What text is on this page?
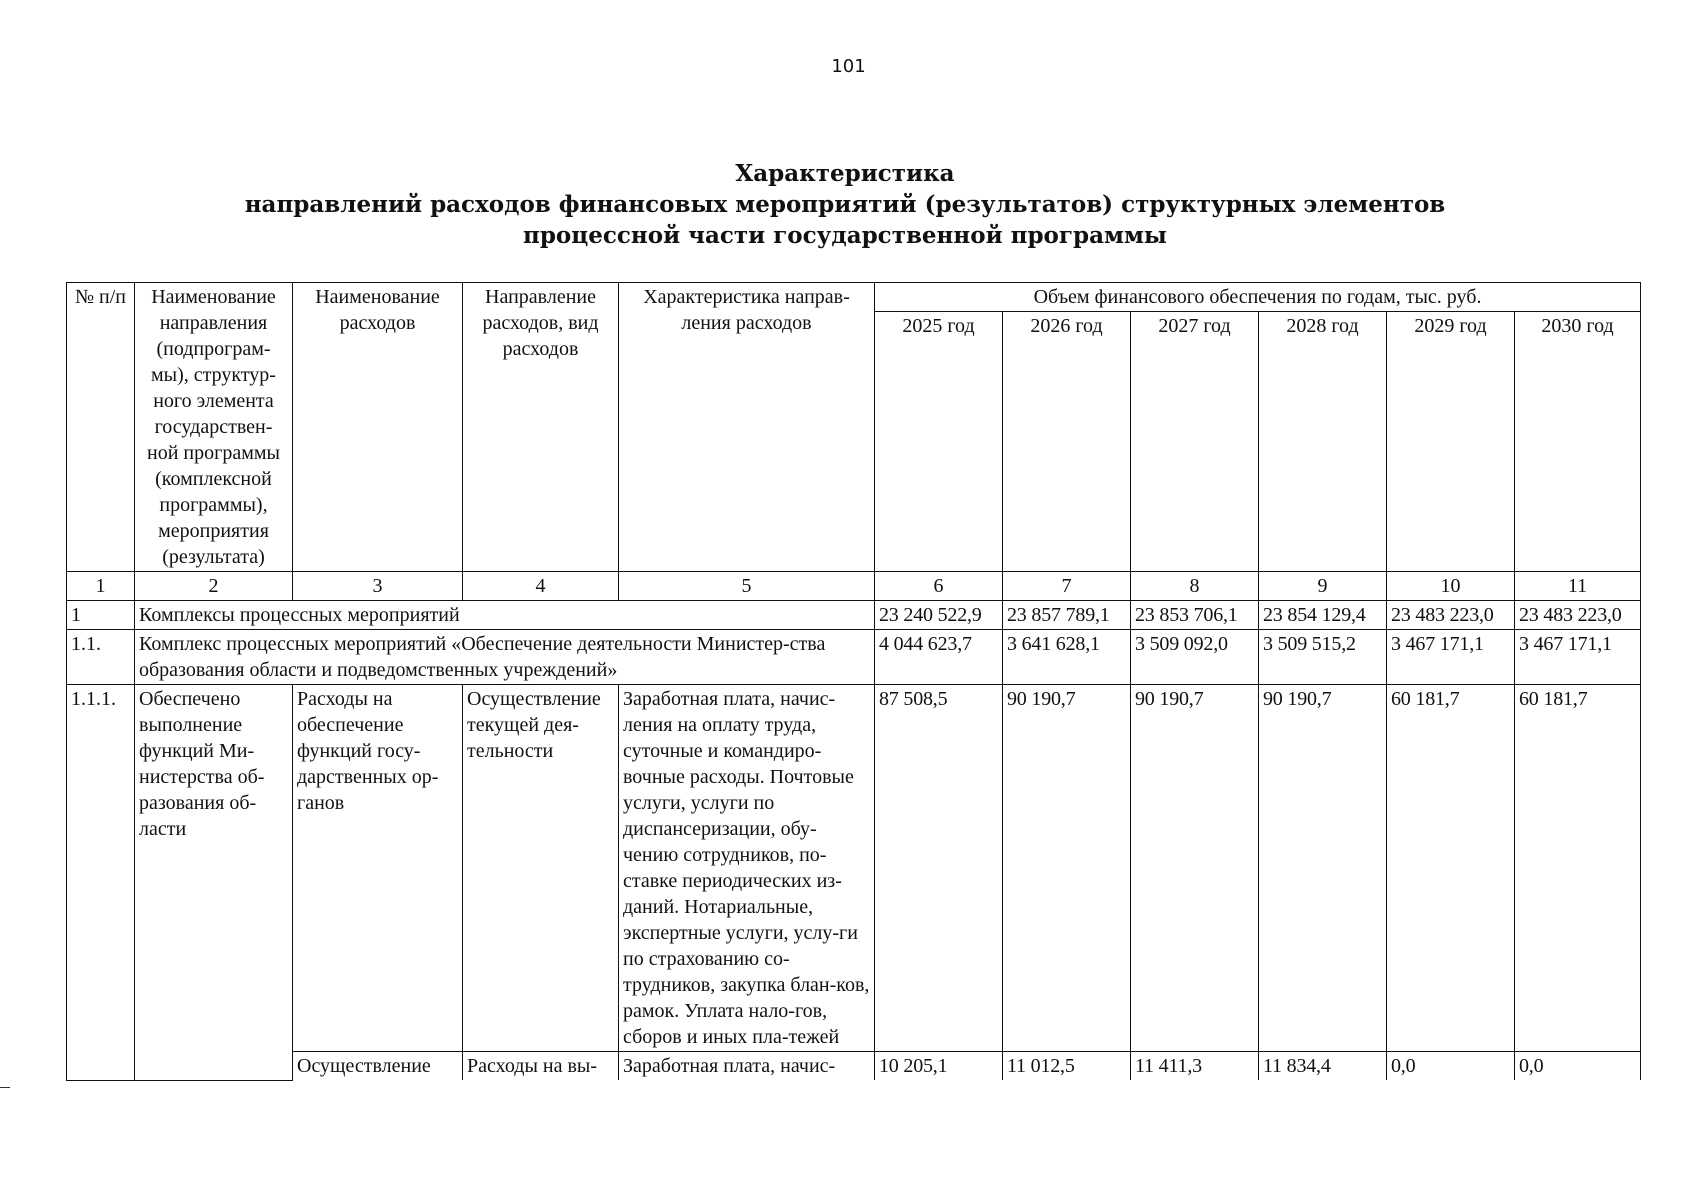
101
Характеристика
направлений расходов финансовых мероприятий (результатов) структурных элементов
процессной части государственной программы
№ п/п	Наименование направления (подпрограм-мы), структур-ного элемента государствен-ной программы (комплексной программы), мероприятия (результата)	Наименование расходов	Направление расходов, вид расходов	Характеристика направ-ления расходов	Объем финансового обеспечения по годам, тыс. руб.					
					2025 год	2026 год	2027 год	2028 год	2029 год	2030 год
1	2	3	4	5	6	7	8	9	10	11
1	Комплексы процессных мероприятий				23 240 522,9	23 857 789,1	23 853 706,1	23 854 129,4	23 483 223,0	23 483 223,0
1.1.	Комплекс процессных мероприятий «Обеспечение деятельности Министер-ства образования области и подведомственных учреждений»				4 044 623,7	3 641 628,1	3 509 092,0	3 509 515,2	3 467 171,1	3 467 171,1
1.1.1.	Обеспечено выполнение функций Ми-нистерства об-разования об-ласти	Расходы на обеспечение функций госу-дарственных ор-ганов	Осуществление текущей дея-тельности	Заработная плата, начис-ления на оплату труда, суточные и командиро-вочные расходы. Почтовые услуги, услуги по диспансеризации, обу-чению сотрудников, по-ставке периодических из-даний. Нотариальные, экспертные услуги, услу-ги по страхованию со-трудников, закупка блан-ков, рамок. Уплата нало-гов, сборов и иных пла-тежей	87 508,5	90 190,7	90 190,7	90 190,7	60 181,7	60 181,7
		Осуществление	Расходы на вы-	Заработная плата, начис-	10 205,1	11 012,5	11 411,3	11 834,4	0,0	0,0
